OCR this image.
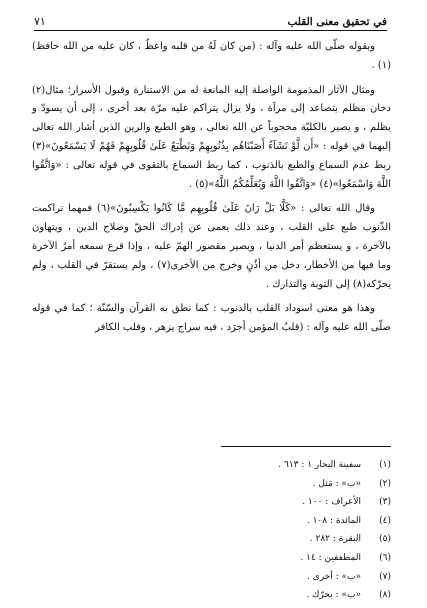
في تحقيق معنى القلب
٧١

وبقوله صلّى الله عليه وآله : (من كان لَهُ من قلبه واعظٌ ، كان عليه من الله حافظ)(١) .

ومثال الآثار المذمومة الواصلة إليه المانعة له من الاستنارة وقبول الأسرار؛ مثال(٢) دخان مظلم يتصاعد إلى مرآة ، ولا يزال يتراكم عليه مرّة بعد أخرى ، إلى أن يسودّ و يظلم ، و يصير بالكليّة محجوباً عن الله تعالى ، وهو الطبع والرين الذين أشار الله تعالى إليهما في قوله : «أَن لَّوْ نَشَآءُ أَصَبْنَاهُم بِذُنُوبِهِمْ وَنَطْبَعُ عَلَىٰ قُلُوبِهِمْ فَهُمْ لَا يَسْمَعُونَ»(٣) ربط عدم السماع والطبع بالذنوب ، كما ربط السماع بالتقوى في قوله تعالى : «وَاتَّقُوا اللَّهَ وَاسْمَعُوا»(٤) «وَاتَّقُوا اللَّهَ وَيُعَلِّمُكُمُ اللَّهُ»(٥) .

وقال الله تعالى : «كَلَّا بَلْ رَانَ عَلَىٰ قُلُوبِهِم مَّا كَانُوا يَكْسِبُونَ»(٦) فمهما تراكمت الذّنوب طبع على القلب ، وعند ذلك يعمى عن إدراك الحقّ وصلاح الدين ، ويتهاون بالآخرة ، و يستعظم أمر الدنيا ، ويصير مقصور الهمّ عليه ، وإذا قرع سمعه أمرُ الآخرة وما فيها من الأخطار، دخل من أذُنٍ وخرج من الأخرى(٧) ، ولم يستقرّ في القلب ، ولم يحرّكه(٨) إلى التوبة والتدارك .

وهذا هو معنى اسوداد القلب بالذنوب : كما نطق به القرآن والسّنّة ؛ كما في قوله صلّى الله عليه وآله : (قلبُ المؤمن أجرَد ، فيه سراج يزهر ، وقلب الكافر

(١)
سفينة البحار ١ : ٦١٣ .
(٢)
«ب» : مَثل .
(٣)
الأعراف : ١٠٠ .
(٤)
المائدة : ١٠٨ .
(٥)
البقرة : ٢٨٢ .
(٦)
المطففين : ١٤ .
(٧)
«ب» : أخرى .
(٨)
«ب» : يحرّك .
